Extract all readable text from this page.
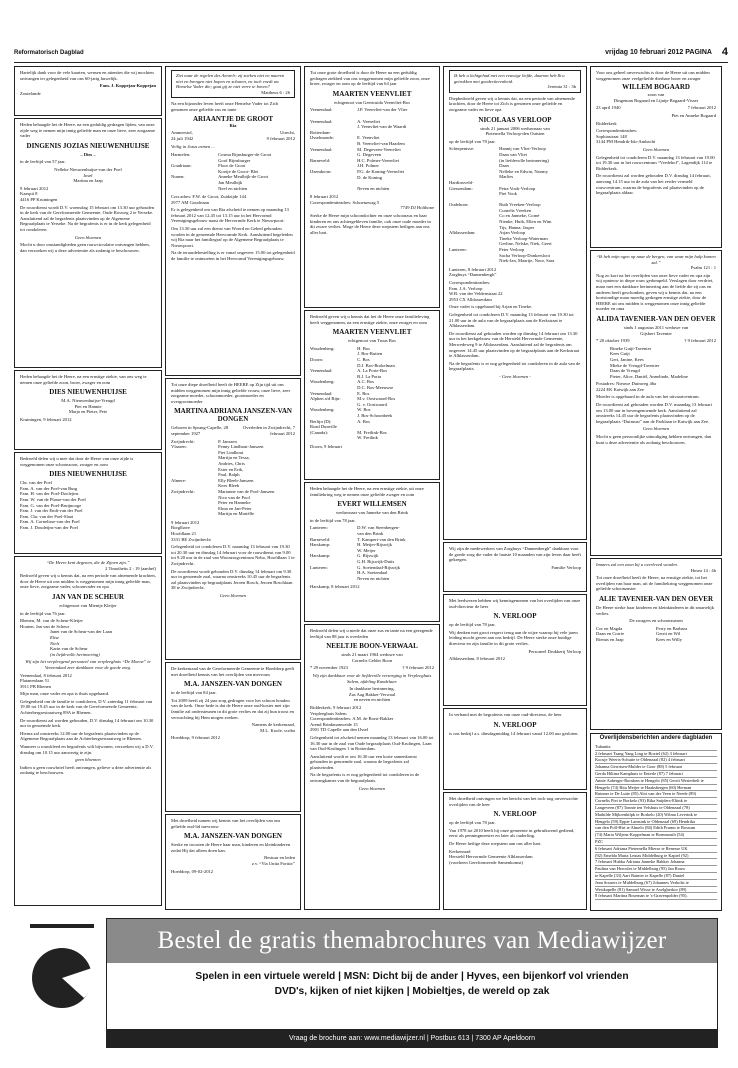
Reformatorisch Dagblad	vrijdag 10 februari 2012 PAGINA 4

Hartelijk dank voor de vele kaarten, wensen en attenties die wij mochten ontvangen ter gelegenheid van ons 60-jarig huwelijk.

Fam. J. Koppejan-Koppejan

Zoutelande

Heden behaagde het de Heere, na een geduldig gedragen lijden, van onze zijde weg te nemen mijn innig geliefde man en onze lieve, zeer zorgzame vader

DINGENIS JOZIAS NIEUWENHUIJSE

– Dies –

in de leeftijd van 57 jaar.

Nelleke Nieuwenhuijse-van der Poel

Josef

Martina en Jaap

9 februari 2012

Kaaspit 8

4416 PP Kruiningen

De rouwdienst wordt D.V. woensdag 15 februari om 13.30 uur gehouden in de kerk van de Gereformeerde Gemeente, Oude Rosweg 2 te Yerseke. Aansluitend zal de begrafenis plaatsvinden op de Algemene Begraafplaats te Yerseke. Na de begrafenis is er in de kerk gelegenheid tot condoleren.

Geen bloemen

Mocht u door omstandigheden geen rouwcirculaire ontvangen hebben, dan verzoeken wij u deze advertentie als zodanig te beschouwen.

Heden behaagde het de Heere, na een ernstige ziekte, van ons weg te nemen onze geliefde zoon, broer, zwager en oom

DIES NIEUWENHUIJSE

M.A. Nieuwenhuijse-Vreugd

Piet en Hannie

Marja en Pieter, Pete

Kruiningen, 9 februari 2012

Bedroefd delen wij u mee dat door de Heere van onze zijde is weggenomen onze schoonzoon, zwager en oom

DIES NIEUWENHUIJSE
Chr. van der Poel
Fam. A. van der Poel-van Burg
Fam. H. van der Poel-Doolejins
Fam. W. van de Plasse-van der Poel
Fam. G. van der Poel-Bruijnooge
Fam. J. van der Endt-van der Poel
Fam. Chr. van der Poel-Slaat
Fam. A. Cornelisse-van der Poel
Fam. J. Doudeijns-van der Poel

“De Heere kent degenen, die de Zijnen zijn.”

2 Timotheüs 2 : 19 (aanhef)

Bedroefd geven wij u kennis dat, na een periode van afnemende krachten, door de Heere uit ons midden is weggenomen mijn innig geliefde man, onze lieve, zorgzame vader, schoonvader en opa

JAN VAN DE SCHEUR

echtgenoot van Mientje Kleijer

in de leeftijd van 76 jaar.

Rhenen, M. van de Scheur-Kleijer

Houten, Jan van de Scheur

Janet van de Scheur-van der Laan

Elise

Niels

Karin van de Scheur

(in liefdevolle herinnering)

Wij zijn het verpleegend personeel van verpleeghuis “De Moene” te Veenendaal zeer dankbaar voor de goede zorg.

Veenendaal, 8 februari 2012

Platanenlaan 51

3911 PB Rhenen

Mijn man, onze vader en opa is thuis opgebaard.

Gelegenheid om de familie te condoleren, D.V. zaterdag 11 februari van 19.00 tot 19.45 uur in de kerk van de Gereformeerde Gemeente, Achterbergsestraatweg 89A te Rhenen.

De rouwdienst zal worden gehouden, D.V. dinsdag 14 februari om 10.30 uur in genoemde kerk.

Hierna zal omstreeks 12.00 uur de begrafenis plaatsvinden op de Algemene Begraafplaats aan de Achterbergsestraatweg te Rhenen.

Wanneer u rouwkleed en begrafenis wilt bijwonen, verzoeken wij u D.V. dinsdag om 10.15 uur aanwezig te zijn.

geen bloemen

Indien u geen rouwbrief heeft ontvangen, gelieve u deze advertentie als zodanig te beschouwen.

Ziet naar de regelen des Aenrelr: zij zoeken niet en maeren niet en brengen niet hopen en schuren, en toch voedt uw Hemelse Vader die; gaat gij ze niet verre te boven?

Mattheus 6 : 26

Na een bijzonder leven heeft onze Hemelse Vader tot Zich genomen onze geliefde zus en tante

ARIAANTJE DE GROOT

Ria

Ammerstol,	Utrecht,
24 juli 1942	9 februari 2012

Veilig in Jezus armen ...

Harmelen:	Cosma Rijnsburger-de Groot

Goof Rijnsburger
Goudriaan:	Floor de Groot

Kooije de Groot- Blei
Nunen:	Anneke Meulbijk-de Groot

Jan Meulbijk

Neef en nichten

Corr.adres: F.W. de Groot, Zuidzijde 144

2977 AM Goudriaan

Er is gelegenheid om van Ria afscheid te nemen op maandag 13 februari 2012 van 12.45 tot 13.15 uur in het Hervormd Verenigingsgebouw naast de Hervormde Kerk te Nieuwpoort.

Om 13.30 uur zal een dienst van Woord en Gebed gehouden worden in de genoemde Hervormde Kerk. Aansluitend begeleiden wij Ria naar het familiegraf op de Algemene Begraafplaats te Nieuwpoort.

Na de teraardebestelling is er vanaf ongeveer 15.00 tot gelegenheid de familie te ontmoeten in het Hervormd Verenigingsgebouw.

Tot onze diepe droefheid heeft de HEERE op Zijn tijd uit ons midden weggenomen mijn innig geliefde vrouw, onze lieve, zeer zorgzame moeder, schoonmoeder, grootmoeder en overgrootmoeder

MARTINA ADRIANA JANSZEN-VAN DONGEN
Geboren in Sprang-Capelle, 28 september 1927
Overleden in Zwijndrecht, 7 februari 2012
Zwijndrecht:	P. Janszen
Vlaaren:	Fenny Lindhout-Janszen

Piet Lindhout

Martijn en Tessa,

Andries, Chris

Ester en Erik,

Paul, Ralph
Almere:	Elly Bleeb-Janszen

Kees Bleeb
Zwijndrecht:	Marianne van de Pool-Janszen

Nico van de Pool

Peter en Hanneke

Elma en Jan-Peter

Martijn en Mariëlle

9 februari 2012

Borglhave

Hoofdlaan 21

3331 BE Zwijndrecht

Gelegenheid tot condoleren D.V. maandag 13 februari van 19.30 tot 20.30 uur en dinsdag 14 februari voor de rouwdienst van 9.00 tot 9.20 uur in de zaal van Woonzorgcentrum Nebo, Hoofdlaan 1 te Zwijndrecht.

De rouwdienst wordt gehouden D.V. dinsdag 14 februari om 9.30 uur in genoemde zaal, waarna omstreeks 10.45 uur de begrafenis zal plaatsvinden op begraafplaats Jeroen Bosch, Jeroen Boschlaan 38 te Zwijndrecht.

Geen bloemen

De kerkenraad van de Gereformeerde Gemeente te Hoeddorp geeft met droefheid kennis van het overlijden van mevrouw

M.A. JANSZEN-VAN DONGEN

in de leeftijd van 84 jaar.

Tot 2009 heeft zij 24 jaar zorg gedragen voor het schoon houden van de kerk. Onze bede is dat de Heere onze oud-koster met zijn familie zal ondersteunen in dit grote verlies en dat zij hun troost en verwachting bij Hem mogen zoeken.

Namens de kerkenraad,

M.L. Koole, scriba

Hoeddorp, 9 februari 2012

Met droefheid namen wij kennis van het overlijden van ons geliefde oud-lid mevrouw

M.A. JANSZEN-VAN DONGEN

Sterke en troosten de Heere haar man, kinderen en kleinkinderen zodat Hij dat alleen doen kan.

Bestuur en leden

z.v. “Via Unita Fortior”

Hoeddorp, 09-02-2012

Tot onze grote droefheid is door de Heere na een geduldig gedragen ziekbed van ons weggenomen mijn geliefde zoon, onze broer, zwager en oom op de leeftijd van 64 jaar

MAARTEN VEENVLIET

echtgenoot van Geertruida Veenvliet-Bos

Veenendaal:	J.P. Veenvliet-van der Vlier

Veenendaal:	A. Veenvliet

J. Veenvliet-van de Waardt
Rotterdam-

IJsselmonde:	E. Veenvliet

B. Veenvliet-van Haarlem
Veenendaal:	M. Degeveen-Veenvliet

G. Degeveen
Barneveld:	H.C. Polmer-Veenvliet

J.H. Polmer
IJzendoorn:	P.G. de Koning-Veenvliet

D. de Koning

Neven en nichten

8 februari 2012

Correspondentieadres: Schoenzwag 5

7749 DJ Holthone

Sterke de Heere mijn schoondochter en onze schoonzus en haar kinderen en ons achtergebleven familie, ook onze oude moeder in dit zware verlies. Moge de Heere deze roepstem heiligen aan ons aller hart.

Bedroefd geven wij u kennis dat het de Heere onze familieleving heeft weggenomen, na een ernstige ziekte, onze zwager en oom

MAARTEN VEENVLIET

echtgenoot van Truus Bos

Woudenberg:	H. Bos

J. Bos-Rutten
Doorn:	C. Bos

D.J. Bos-Brokelman
Veenendaal:	A. La Porte-Bos

B.J. La Porta
Woudenberg:	A.C. Bos

D.C. Bos-Meeuwse
Veenendaal:	E. Bos
Alphen a/d Rijn:	M.v. Oostwaard-Bos

G. v. Oostwaard
Woudenberg:	W. Bos

J. Bos-Schoonbeek
Berlijn (D):	A. Bos
Road Dunville

(Canada):	M. Freilink-Bos

W. Freilink

Doorn, 9 februari

Heden behaagde het de Heere, na een ernstige ziekte, uit onze familiekring weg te nemen onze geliefde zwager en oom

EVERT WILLEMSEN

weduwnaar van Janneke van den Brink

in de leeftijd van 78 jaar.

Lunteren:	D.W. van Steenbergen-

van den Brink
Barneveld:	T. Kampert-van den Brink
Harskamp:	H. Meijer-Rijswijk

W. Meijer
Harskamp:	G. Rijswijk

G.H. Rijswijk-Duits
Lunteren:	G. Soetendaal-Rijswijk

H.A. Soetendaal

Neven en nichten

Harskamp, 8 februari 2012

Bedroefd delen wij u mede dat onze zus en tante na een gezegende leeftijd van 88 jaar is overleden

NEELTJE BOON-VERWAAL

sinds 21 maart 1964 weduwe van

Cornelis Gelder Boon

* 29 november 1923	† 9 februari 2012

Wij zijn dankbaar voor de liefdevolle verzorging in Verpleeghuis Salem, afdeling Kandelaar.

In dankbare herinnering,

Zus Aag Bakker-Verwaal

en neven en nichten

Ridderkerk, 9 februari 2012

Verpleeghuis Salem

Correspondentieadres: A.M. de Borst-Bakker

Arend Brinkmanweide 15

2901 TD Capelle aan den IJssel

Gelegenheid tot afscheid nemen maandag 13 februari van 16.00 tot 16.30 uur in de zaal van Oude begraafplaats Oud-Krulingen, Laan van Oud-Krulingen 1 in Rotterdam.

Aansluitend wordt er om 16.30 uur een korte samenkomst gehouden in genoemde zaal, waarna de begrafenis zal plaatsvinden.

Na de begrafenis is er nog gelegenheid tot condoleren in de ontvangkamer van de begraafplaats.

Geen bloemen

Ik heb u lichtgehad met een eeuwige liefde, daarom heb Ik u getrokken met goedertierenheid.

Jeremia 31 : 3b

Diepbedroefd geven wij u kennis dat, na een periode van afnemende krachten, door de Heere tot Zich is genomen onze geliefde en zorgzame vader en lieve opa

NICOLAAS VERLOOP

sinds 21 januari 2006 weduwnaar van

Pieternella Verloop-den Outsten

op de leeftijd van 78 jaar.

Scherpenisse:	Hannij van Vliet-Verloop

Daan van Vliet

(in liefdevolle herinnering)

Daan

Nelleke en Edwin, Naomy

Marlies
Hardinxveld-

Giessendam:	Petra Vook-Verloop

Piet Vook

Oudehorn:	Ruth Vreeken-Verloop

Cornelis Vreeken

Co en Janneke, Corné

Nienke, Huib, Ellen en Wim

Tijs, Hanna, Jasper
Alblasserdam:	Arjan Verloop

Tineke Verloop-Waterman

Gerline, Nelske, Niek, Geert
Lunteren:	Peter Verloop

Sacha Verloop-Donkersloot

Niek-Jan, Maartje, Noor, Sara

Lunteren, 8 februari 2012

Zorghuys “Dannenbergh”

Correspondentieadres:

Fam. J.A. Verloop

W.B. van der Veldenstraat 22

2953 CX Alblasserdam

Onze vader is opgebaard bij Arjan en Tineke.

Gelegenheid tot condoleren D.V. maandag 13 februari van 19.30 tot 21.00 uur in de aula van de begraafplaats aan de Kerkstraat te Alblasserdam.

De rouwdienst zal gehouden worden op dinsdag 14 februari om 13.30 uur in het kerkgebouw van de Hersteld Hervormde Gemeente, Merwedeweg 9 te Alblasserdam. Aansluitend zal de begrafenis om ongeveer 14.45 uur plaatsvinden op de begraafplaats aan de Kerkstraat te Alblasserdam.

Na de begrafenis is er nog gelegenheid tot condoleren in de aula van de begraafplaats.

- Geen bloemen -

Wij zijn de medewerkers van Zorghuys “Dannenbergh” dankbaar voor de goede zorg die vader de laatste 10 maanden van zijn leven daar heeft gekregen.

Familie Verloop

Met leedwezen hebben wij kennisgenomen van het overlijden van onze oud-directeur de heer

N. VERLOOP

op de leeftijd van 78 jaar.

Wij denken met groot respect terug aan de wijze waarop hij vele jaren leiding mocht geven aan ons bedrijf. De Heere sterke onze huidige directeur en zijn familie in dit grote verlies.

Personeel Drukkerij Verloop

Alblasserdam, 8 februari 2012

In verband met de begrafenis van onze oud-directeur, de heer

N. VERLOOP

is ons bedrijf a.s. dinsdagmiddag 14 februari vanaf 12.00 uur gesloten.

Met droefheid ontvingen we het bericht van het toch nog onverwachte overlijden van de heer

N. VERLOOP

op de leeftijd van 78 jaar.

Van 1978 tot 2010 heeft hij onze gemeente in gebruikwend gediend, eerst als penningmeester en later als ouderling.

De Heere heilige deze roepstem aan ons aller hart.

Kerkenraad

Hersteld Hervormde Gemeente Alblasserdam

(voorheen Gereformeerde Samenkomst)

Voor ons geheel onverwachts is door de Heere uit ons midden weggenomen onze veelgeliefde dierbare broer en zwager

WILLEM BOGAARD

zoon van

Dingeman Bogaard en Lijntje Bogaard-Visser

23 april 1940	7 februari 2012

Piet en Anneke Bogaard

Ridderkerk

Correspondentieadres:

Sophiastraat 148

3144 PM Hendrik-Ido-Ambacht

Geen bloemen

Gelegenheid tot condoleren D.V. maandag 13 februari van 19.00 tot 19.30 uur in het rouwcentrum “Vredehof”, Lagendijk 114 te Ridderkerk.

De rouwdienst zal worden gehouden D.V. dinsdag 14 februari, aanvang 14.15 uur in de aula van het eerder vermeld rouwcentrum, waarna de begrafenis zal plaatsvinden op de begraafplaats aldaar.

“Ik heb mijn ogen op naar de bergen, van waar mijn hulp komen zal.”

Psalm 121 : 1

Nog zo kort na het overlijden van onze lieve vader en opa zijn wij opnieuw in diepe rouw gedompeld. Verslagen door verdriet, maar met een dankbare herinnering aan de liefde die zij ons en anderen heeft geschonken, geven wij u kennis dat, na een kortstondige maar moedig gedragen ernstige ziekte, door de HEERE uit ons midden is weggenomen onze innig geliefde moeder en oma

ALIDA TAVENIER-VAN DEN OEVER

sinds 1 augustus 2011 weduwe van

Gijsbert Tavenier

* 20 oktober 1939	† 9 februari 2012
Rineke Guijt-Tavenier
Kees Guijt
Gert, Janine, Kees
Mieke de Vreugd-Tavenier
Daan de Vreugd
Pieter, Alice, Daniël, Annelinde, Madeline

Postadres: Nieuwe Duinweg 46a

2224 EK Katwijk aan Zee

Moeder is opgebaard in de aula van het uitvaartcentrum.

De rouwdienst zal gehouden worden D.V. maandag 13 februari om 13.00 uur in bovengenoemde kerk. Aansluitend zal omstreeks 14.45 uur de begrafenis plaatsvinden op de begraafplaats “Duinrust” aan de Parklaan te Katwijk aan Zee.

Geen bloemen

Mocht u geen persoonlijke uitnodiging hebben ontvangen, dan kunt u deze advertentie als zodanig beschouwen.

Immers zal een zoon bij u overleved worden.

Hosea 14 : 4b

Tot onze droefheid heeft de Heere, na ernstige ziekte, tot het overlijden van haar man, uit de familiekring weggenomen onze geliefde schoonzuster

ALIE TAVENIER-VAN DEN OEVER

De Heere sterke haar kinderen en kleinkinderen in dit smartelijk verlies.

De zwagers en schoonzussen

Cor en Magda	Ferry en Barbara
Daan en Corrie	Gerrit en Wil
Rienus en Jaap	Kees en Willy
Overlijdensberichten andere dagbladen
Tubantia
2 februari Tsang Yang Ling te Boxtel (62) 3 februari
Koosje Weerts-Schutte te Oldenzaal (82) 4 februari
Johanna Gerritsen-Mulder te Goor (88) 5 februari
Gerda Hiltina Kamphuis te Enterle (87) 7 februari
Annie Aaberger-Roosken te Hengelo (85) Gerrit Westerbelt te
Hengelo (74) Rita Meijer te Haaksbergen (60) Herman
Ruinner te De Lutte (85) Aloi van der Veen te Neede (89)
Cornelis Piet te Borkelo (93) Rika Snijders-Eltink te
Langeveen (87) Tonnie ten Velshuis te Oldenzaal (78)
Mathilde Mijkrenkilpk te Borkelo (20) Wilma Leverink te
Hengelo (59) Eppie Lamsink te Oldenzaal (69) Hendrika
van den Poll-Hirt te Almelo (84) Edith Prumn te Rossum
(74) Maria Wiljens-Koppelman te Bornmouth (54)
PZC
6 februari Adriana Pieternella Mierse te Renesse UK
(92) Emelda Maria Leutas Middelburg te Kapiel (92)
7 februari Hubka Adriana Janneke Bakker Johanna
Paulina van Hercules te Middelburg (95) Jan Rouw
te Kapelle (33) Aart Rainier te Kapelle (87) Daniel
Jean Sourers te Middelburg (67) Johannes Verholst te
Westkapelle (81) Samuel Wisse te Axelgberkor (89)
8 februari Martina Boseman te 's-Gravenpolder (95).
Bestel de gratis themabrochures van Mediawijzer
Spelen in een virtuele wereld | MSN: Dicht bij de ander | Hyves, een bijenkorf vol vrienden
DVD's, kijken of niet kijken | Mobieltjes, de wereld op zak
Vraag de brochure aan: www.mediawijzer.nl | Postbus 613 | 7300 AP Apeldoorn
